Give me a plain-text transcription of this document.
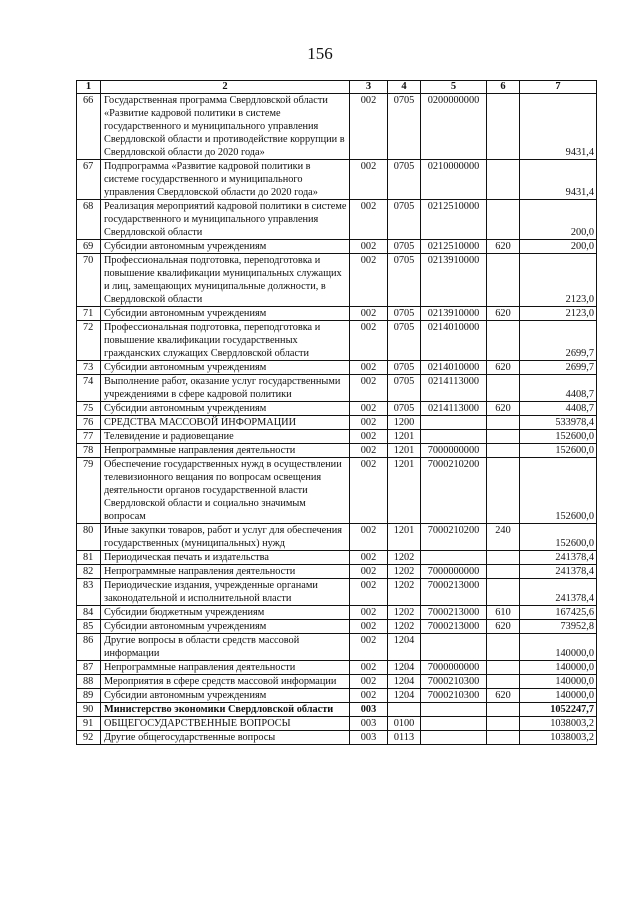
156
1	2	3	4	5	6	7
66	Государственная программа Свердловской области «Развитие кадровой политики в системе государственного и муниципального управления Свердловской области и противодействие коррупции в Свердловской области до 2020 года»	002	0705	0200000000		9431,4
67	Подпрограмма «Развитие кадровой политики в системе государственного и муниципального управления Свердловской области до 2020 года»	002	0705	0210000000		9431,4
68	Реализация мероприятий кадровой политики в системе государственного и муниципального управления Свердловской области	002	0705	0212510000		200,0
69	Субсидии автономным учреждениям	002	0705	0212510000	620	200,0
70	Профессиональная подготовка, переподготовка и повышение квалификации муниципальных служащих и лиц, замещающих муниципальные должности, в Свердловской области	002	0705	0213910000		2123,0
71	Субсидии автономным учреждениям	002	0705	0213910000	620	2123,0
72	Профессиональная подготовка, переподготовка и повышение квалификации государственных гражданских служащих Свердловской области	002	0705	0214010000		2699,7
73	Субсидии автономным учреждениям	002	0705	0214010000	620	2699,7
74	Выполнение работ, оказание услуг государственными учреждениями в сфере кадровой политики	002	0705	0214113000		4408,7
75	Субсидии автономным учреждениям	002	0705	0214113000	620	4408,7
76	СРЕДСТВА МАССОВОЙ ИНФОРМАЦИИ	002	1200			533978,4
77	Телевидение и радиовещание	002	1201			152600,0
78	Непрограммные направления деятельности	002	1201	7000000000		152600,0
79	Обеспечение государственных нужд в осуществлении телевизионного вещания по вопросам освещения деятельности органов государственной власти Свердловской области и социально значимым вопросам	002	1201	7000210200		152600,0
80	Иные закупки товаров, работ и услуг для обеспечения государственных (муниципальных) нужд	002	1201	7000210200	240	152600,0
81	Периодическая печать и издательства	002	1202			241378,4
82	Непрограммные направления деятельности	002	1202	7000000000		241378,4
83	Периодические издания, учрежденные органами законодательной и исполнительной власти	002	1202	7000213000		241378,4
84	Субсидии бюджетным учреждениям	002	1202	7000213000	610	167425,6
85	Субсидии автономным учреждениям	002	1202	7000213000	620	73952,8
86	Другие вопросы в области средств массовой информации	002	1204			140000,0
87	Непрограммные направления деятельности	002	1204	7000000000		140000,0
88	Мероприятия в сфере средств массовой информации	002	1204	7000210300		140000,0
89	Субсидии автономным учреждениям	002	1204	7000210300	620	140000,0
90	Министерство экономики Свердловской области	003				1052247,7
91	ОБЩЕГОСУДАРСТВЕННЫЕ ВОПРОСЫ	003	0100			1038003,2
92	Другие общегосударственные вопросы	003	0113			1038003,2
